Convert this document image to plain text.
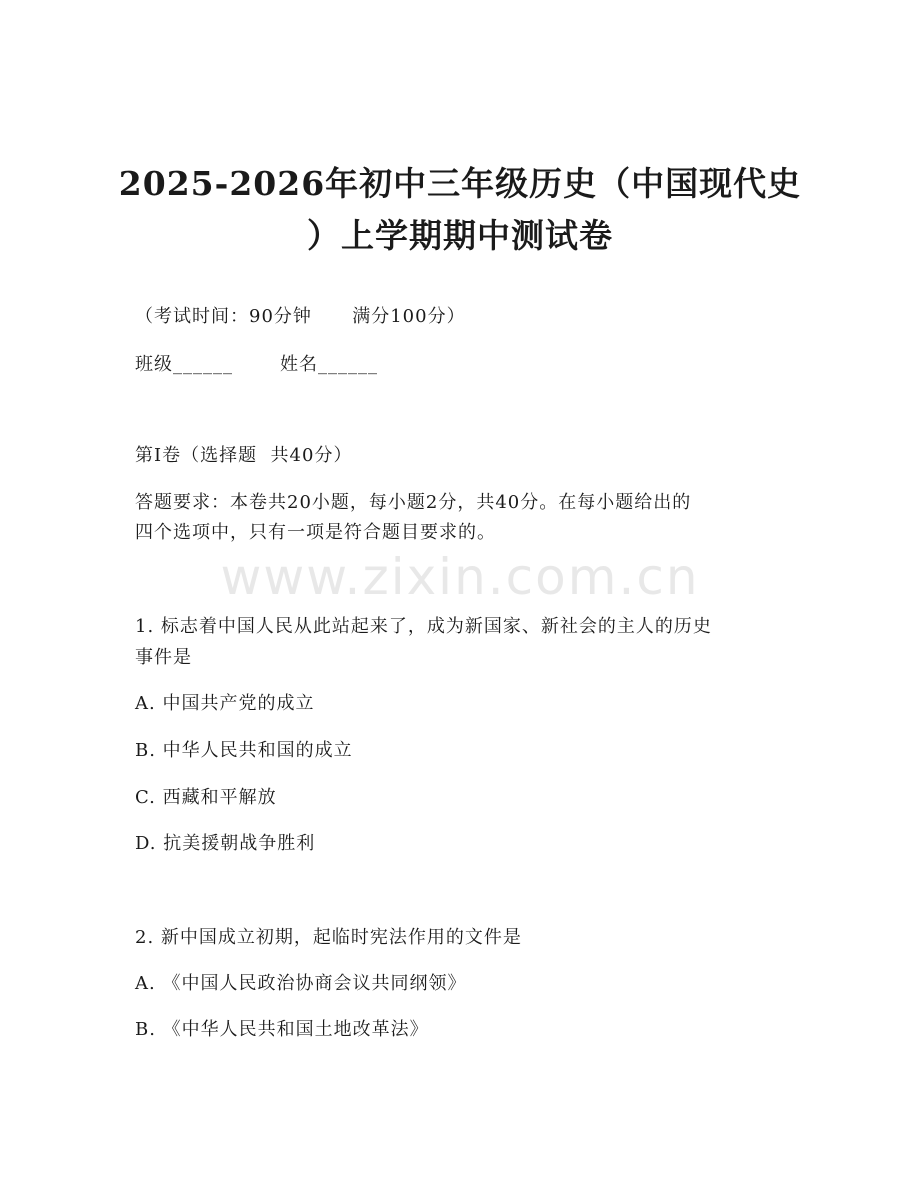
2025-2026年初中三年级历史（中国现代史
）上学期期中测试卷
（考试时间：90分钟      满分100分）
班级______       姓名______
第I卷（选择题  共40分）
答题要求：本卷共20小题，每小题2分，共40分。在每小题给出的
四个选项中，只有一项是符合题目要求的。
www.zixin.com.cn
1. 标志着中国人民从此站起来了，成为新国家、新社会的主人的历史
事件是
A. 中国共产党的成立
B. 中华人民共和国的成立
C. 西藏和平解放
D. 抗美援朝战争胜利
2. 新中国成立初期，起临时宪法作用的文件是
A. 《中国人民政治协商会议共同纲领》
B. 《中华人民共和国土地改革法》
